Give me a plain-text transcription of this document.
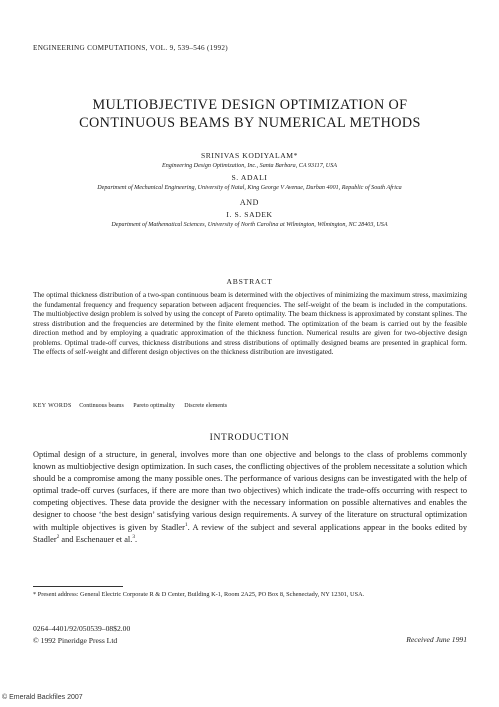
ENGINEERING COMPUTATIONS, VOL. 9, 539–546 (1992)
MULTIOBJECTIVE DESIGN OPTIMIZATION OF
CONTINUOUS BEAMS BY NUMERICAL METHODS
SRINIVAS KODIYALAM*
Engineering Design Optimization, Inc., Santa Barbara, CA 93117, USA
S. ADALI
Department of Mechanical Engineering, University of Natal, King George V Avenue, Durban 4001, Republic of South Africa
AND
I. S. SADEK
Department of Mathematical Sciences, University of North Carolina at Wilmington, Wilmington, NC 28403, USA
ABSTRACT
The optimal thickness distribution of a two-span continuous beam is determined with the objectives of minimizing the maximum stress, maximizing the fundamental frequency and frequency separation between adjacent frequencies. The self-weight of the beam is included in the computations. The multiobjective design problem is solved by using the concept of Pareto optimality. The beam thickness is approximated by constant splines. The stress distribution and the frequencies are determined by the finite element method. The optimization of the beam is carried out by the feasible direction method and by employing a quadratic approximation of the thickness function. Numerical results are given for two-objective design problems. Optimal trade-off curves, thickness distributions and stress distributions of optimally designed beams are presented in graphical form. The effects of self-weight and different design objectives on the thickness distribution are investigated.
KEY WORDS Continuous beams Pareto optimality Discrete elements
INTRODUCTION
Optimal design of a structure, in general, involves more than one objective and belongs to the class of problems commonly known as multiobjective design optimization. In such cases, the conflicting objectives of the problem necessitate a solution which should be a compromise among the many possible ones. The performance of various designs can be investigated with the help of optimal trade-off curves (surfaces, if there are more than two objectives) which indicate the trade-offs occurring with respect to competing objectives. These data provide the designer with the necessary information on possible alternatives and enables the designer to choose ‘the best design’ satisfying various design requirements. A survey of the literature on structural optimization with multiple objectives is given by Stadler$^1$. A review of the subject and several applications appear in the books edited by Stadler$^2$ and Eschenauer et al.$^3$.
* Present address: General Electric Corporate R & D Center, Building K-1, Room 2A25, PO Box 8, Schenectady, NY 12301, USA.
0264–4401/92/050539–08$2.00
© 1992 Pineridge Press Ltd	Received June 1991
© Emerald Backfiles 2007
